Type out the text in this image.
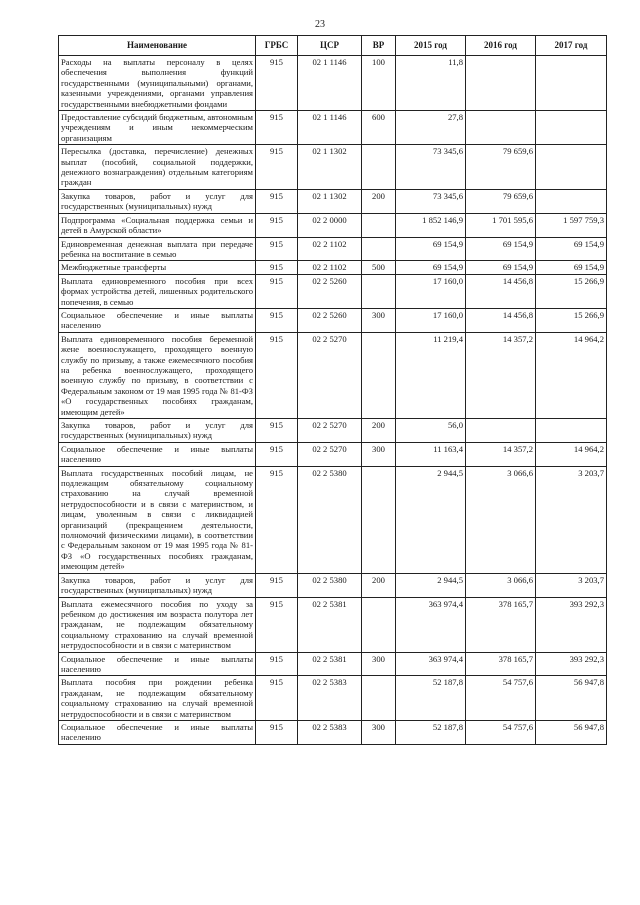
23
Наименование	ГРБС	ЦСР	ВР	2015 год	2016 год	2017 год
Расходы на выплаты персоналу в целях обеспечения выполнения функций государственными (муниципальными) органами, казенными учреждениями, органами управления государственными внебюджетными фондами	915	02 1 1146	100	11,8		
Предоставление субсидий бюджетным, автономным учреждениям и иным некоммерческим организациям	915	02 1 1146	600	27,8		
Пересылка (доставка, перечисление) денежных выплат (пособий, социальной поддержки, денежного вознаграждения) отдельным категориям граждан	915	02 1 1302		73 345,6	79 659,6	
Закупка товаров, работ и услуг для государственных (муниципальных) нужд	915	02 1 1302	200	73 345,6	79 659,6	
Подпрограмма «Социальная поддержка семьи и детей в Амурской области»	915	02 2 0000		1 852 146,9	1 701 595,6	1 597 759,3
Единовременная денежная выплата при передаче ребенка на воспитание в семью	915	02 2 1102		69 154,9	69 154,9	69 154,9
Межбюджетные трансферты	915	02 2 1102	500	69 154,9	69 154,9	69 154,9
Выплата единовременного пособия при всех формах устройства детей, лишенных родительского попечения, в семью	915	02 2 5260		17 160,0	14 456,8	15 266,9
Социальное обеспечение и иные выплаты населению	915	02 2 5260	300	17 160,0	14 456,8	15 266,9
Выплата единовременного пособия беременной жене военнослужащего, проходящего военную службу по призыву, а также ежемесячного пособия на ребенка военнослужащего, проходящего военную службу по призыву, в соответствии с Федеральным законом от 19 мая 1995 года № 81-ФЗ «О государственных пособиях гражданам, имеющим детей»	915	02 2 5270		11 219,4	14 357,2	14 964,2
Закупка товаров, работ и услуг для государственных (муниципальных) нужд	915	02 2 5270	200	56,0		
Социальное обеспечение и иные выплаты населению	915	02 2 5270	300	11 163,4	14 357,2	14 964,2
Выплата государственных пособий лицам, не подлежащим обязательному социальному страхованию на случай временной нетрудоспособности и в связи с материнством, и лицам, уволенным в связи с ликвидацией организаций (прекращением деятельности, полномочий физическими лицами), в соответствии с Федеральным законом от 19 мая 1995 года № 81-ФЗ «О государственных пособиях гражданам, имеющим детей»	915	02 2 5380		2 944,5	3 066,6	3 203,7
Закупка товаров, работ и услуг для государственных (муниципальных) нужд	915	02 2 5380	200	2 944,5	3 066,6	3 203,7
Выплата ежемесячного пособия по уходу за ребенком до достижения им возраста полутора лет гражданам, не подлежащим обязательному социальному страхованию на случай временной нетрудоспособности и в связи с материнством	915	02 2 5381		363 974,4	378 165,7	393 292,3
Социальное обеспечение и иные выплаты населению	915	02 2 5381	300	363 974,4	378 165,7	393 292,3
Выплата пособия при рождении ребенка гражданам, не подлежащим обязательному социальному страхованию на случай временной нетрудоспособности и в связи с материнством	915	02 2 5383		52 187,8	54 757,6	56 947,8
Социальное обеспечение и иные выплаты населению	915	02 2 5383	300	52 187,8	54 757,6	56 947,8
